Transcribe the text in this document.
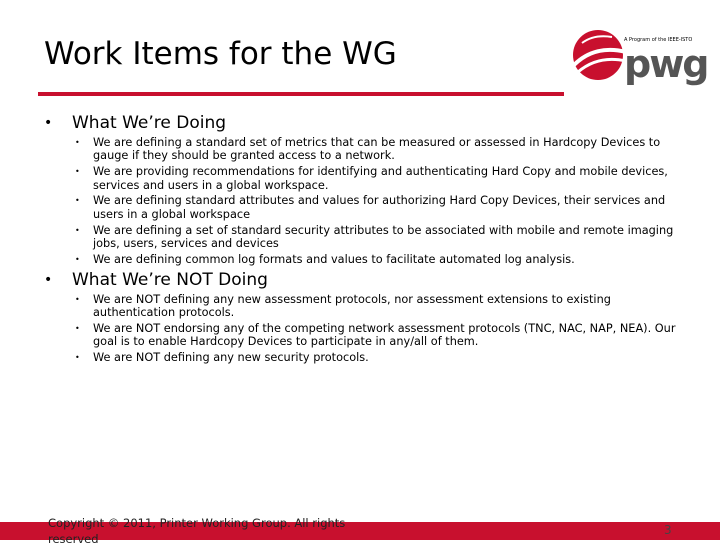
Work Items for the WG	A Program of the IEEE-ISTO
pwg
• What We’re Doing
• We are defining a standard set of metrics that can be measured or assessed in Hardcopy Devices to gauge if they should be granted access to a network.
• We are providing recommendations for identifying and authenticating Hard Copy and mobile devices, services and users in a global workspace.
• We are defining standard attributes and values for authorizing Hard Copy Devices, their services and users in a global workspace
• We are defining a set of standard security attributes to be associated with mobile and remote imaging jobs, users, services and devices
• We are defining common log formats and values to facilitate automated log analysis.
• What We’re NOT Doing
• We are NOT defining any new assessment protocols, nor assessment extensions to existing authentication protocols.
• We are NOT endorsing any of the competing network assessment protocols (TNC, NAC, NAP, NEA). Our goal is to enable Hardcopy Devices to participate in any/all of them.
• We are NOT defining any new security protocols.
Copyright © 2011, Printer Working Group. All rights reserved
3
